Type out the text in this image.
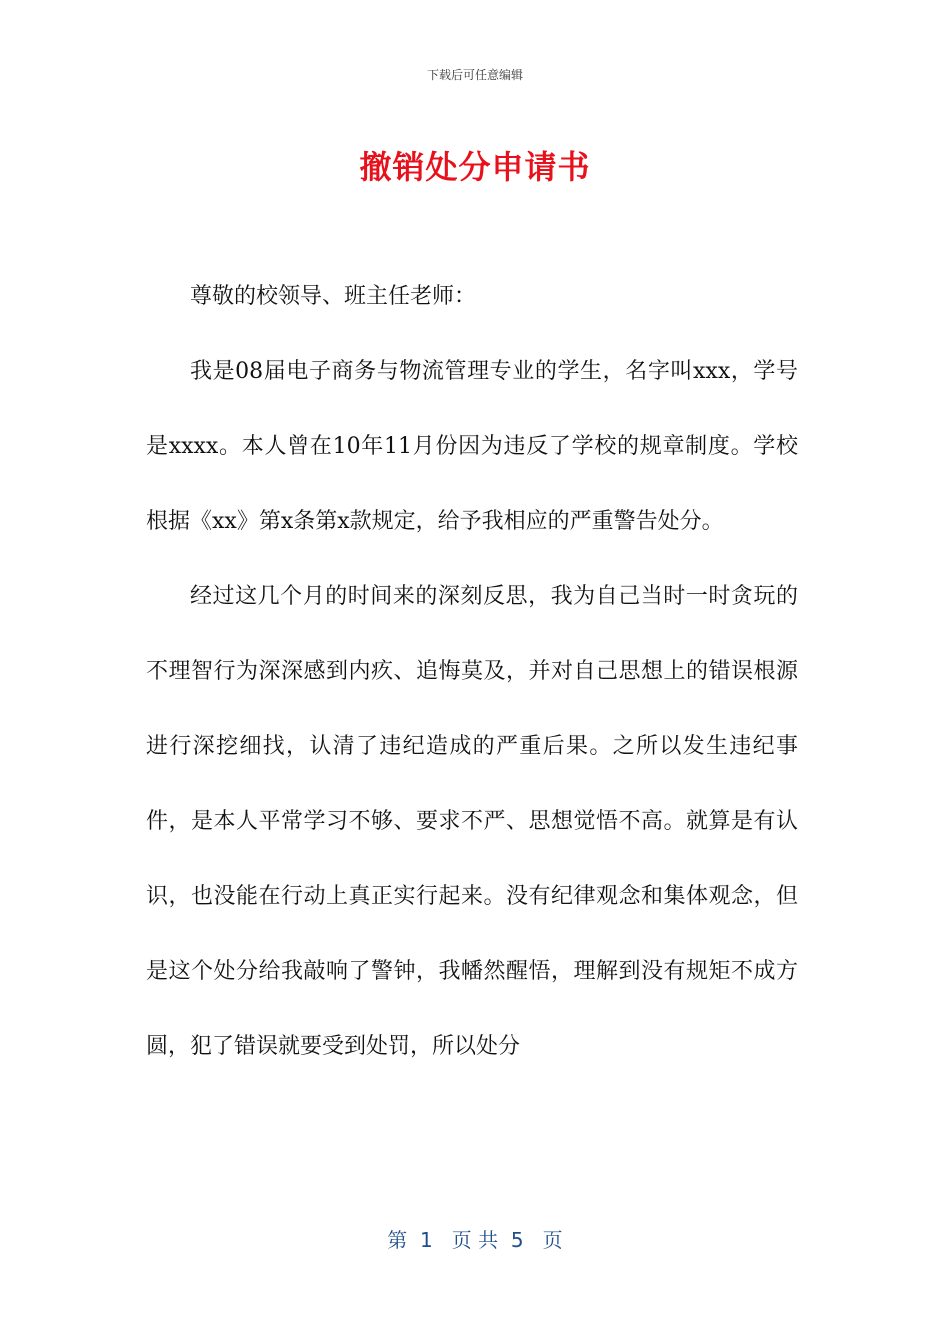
下载后可任意编辑
撤销处分申请书

尊敬的校领导、班主任老师：

我是08届电子商务与物流管理专业的学生，名字叫xxx，学号是xxxx。本人曾在10年11月份因为违反了学校的规章制度。学校根据《xx》第x条第x款规定，给予我相应的严重警告处分。

经过这几个月的时间来的深刻反思，我为自己当时一时贪玩的不理智行为深深感到内疚、追悔莫及，并对自己思想上的错误根源进行深挖细找，认清了违纪造成的严重后果。之所以发生违纪事件，是本人平常学习不够、要求不严、思想觉悟不高。就算是有认识，也没能在行动上真正实行起来。没有纪律观念和集体观念，但是这个处分给我敲响了警钟，我幡然醒悟，理解到没有规矩不成方圆，犯了错误就要受到处罚，所以处分

第  1   页 共  5   页
